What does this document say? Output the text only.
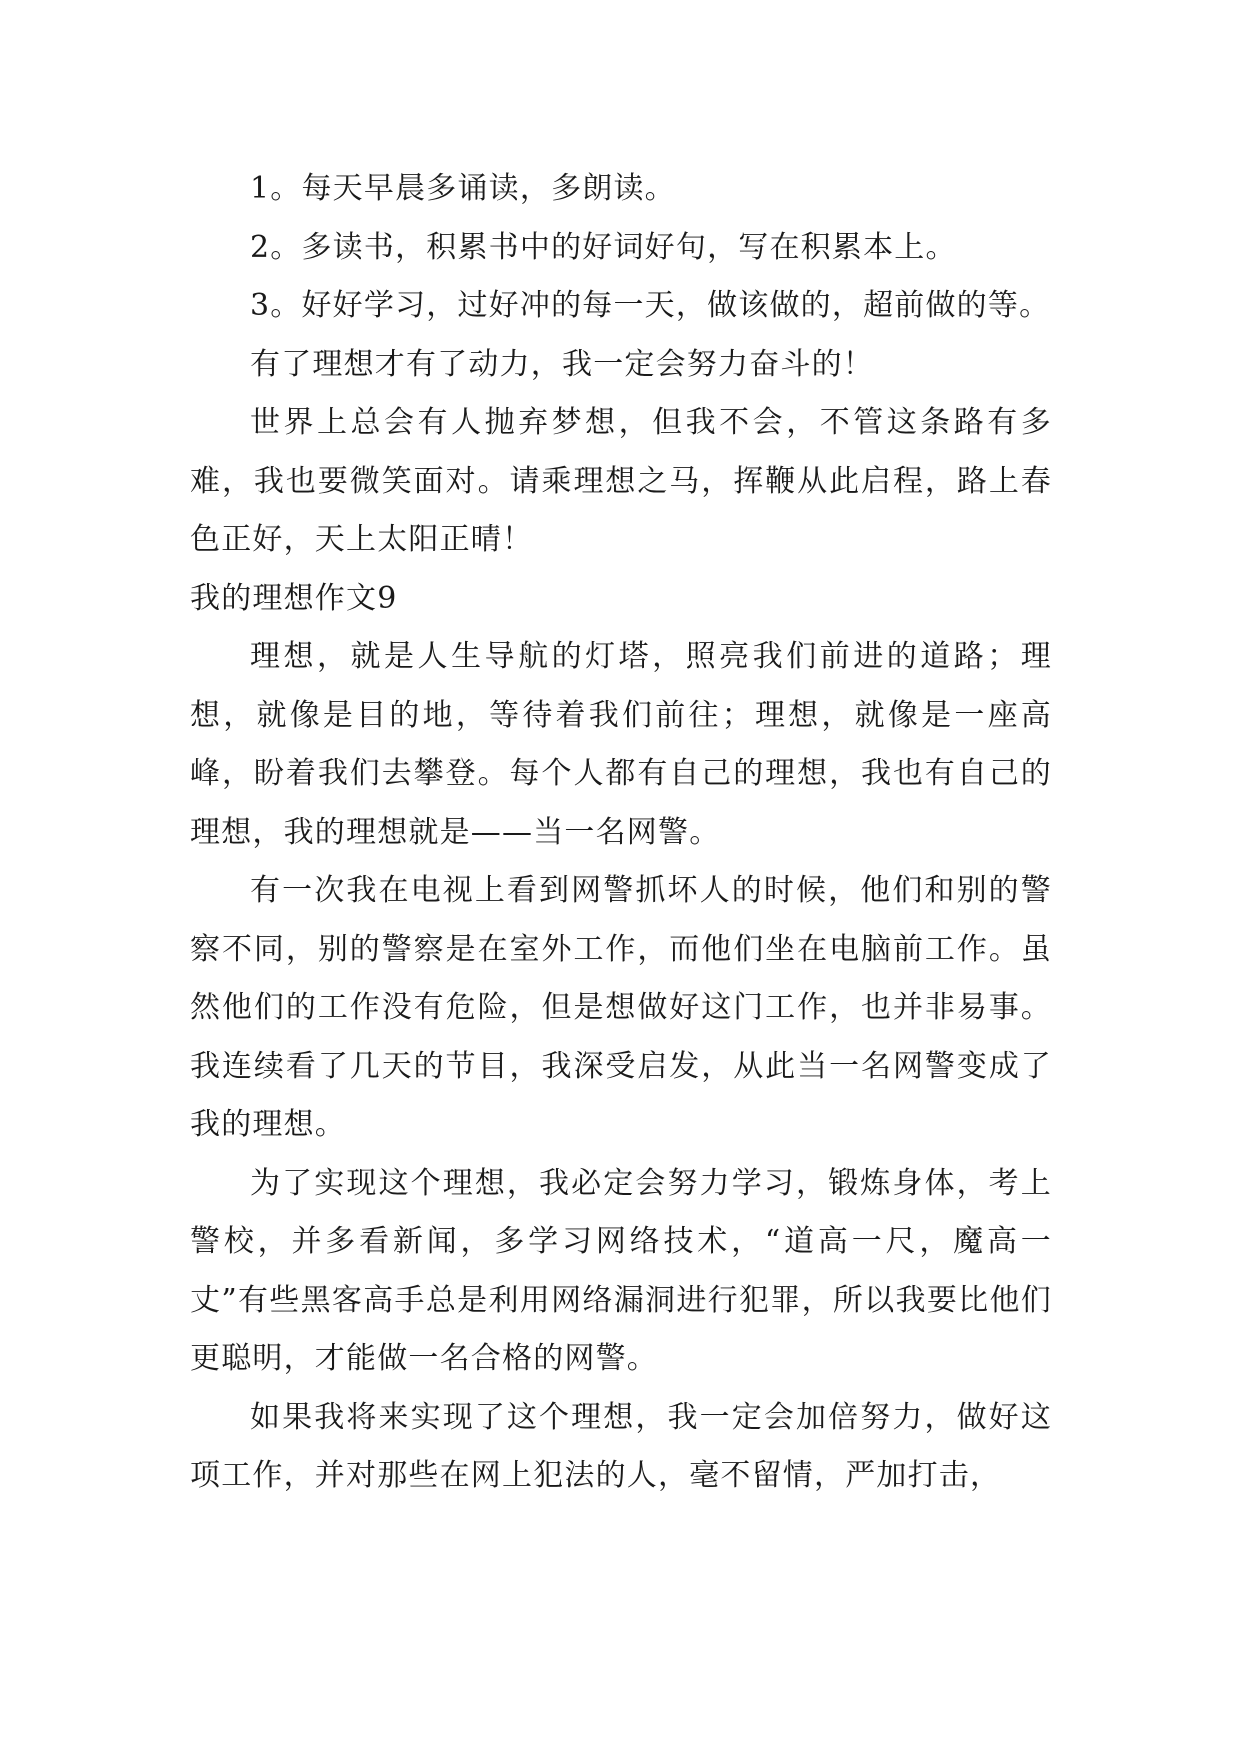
1。每天早晨多诵读，多朗读。

2。多读书，积累书中的好词好句，写在积累本上。

3。好好学习，过好冲的每一天，做该做的，超前做的等。

有了理想才有了动力，我一定会努力奋斗的！

世界上总会有人抛弃梦想，但我不会，不管这条路有多难，我也要微笑面对。请乘理想之马，挥鞭从此启程，路上春色正好，天上太阳正晴！

我的理想作文9

理想，就是人生导航的灯塔，照亮我们前进的道路；理想，就像是目的地，等待着我们前往；理想，就像是一座高峰，盼着我们去攀登。每个人都有自己的理想，我也有自己的理想，我的理想就是——当一名网警。

有一次我在电视上看到网警抓坏人的时候，他们和别的警察不同，别的警察是在室外工作，而他们坐在电脑前工作。虽然他们的工作没有危险，但是想做好这门工作，也并非易事。我连续看了几天的节目，我深受启发，从此当一名网警变成了我的理想。

为了实现这个理想，我必定会努力学习，锻炼身体，考上警校，并多看新闻，多学习网络技术，“道高一尺，魔高一丈”有些黑客高手总是利用网络漏洞进行犯罪，所以我要比他们更聪明，才能做一名合格的网警。

如果我将来实现了这个理想，我一定会加倍努力，做好这项工作，并对那些在网上犯法的人，毫不留情，严加打击，
